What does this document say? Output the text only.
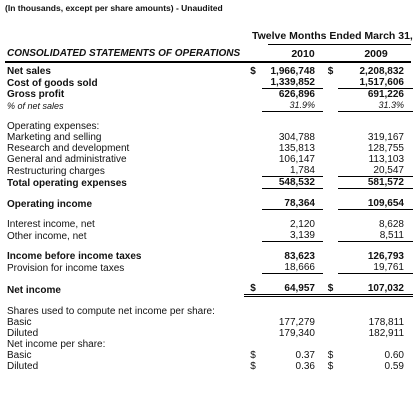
(In thousands, except per share amounts) - Unaudited
Twelve Months Ended March 31,
CONSOLIDATED STATEMENTS OF OPERATIONS	2010	2009
Net sales	$	1,966,748	$	2,208,832
Cost of goods sold		1,339,852		1,517,606
Gross profit		626,896		691,226
% of net sales		31.9%		31.3%

Operating expenses:				
Marketing and selling		304,788		319,167
Research and development		135,813		128,755
General and administrative		106,147		113,103
Restructuring charges		1,784		20,547
Total operating expenses		548,532		581,572

Operating income		78,364		109,654

Interest income, net		2,120		8,628
Other income, net		3,139		8,511

Income before income taxes		83,623		126,793
Provision for income taxes		18,666		19,761

Net income	$	64,957	$	107,032

Shares used to compute net income per share:				
Basic		177,279		178,811
Diluted		179,340		182,911
Net income per share:				
Basic	$	0.37	$	0.60
Diluted	$	0.36	$	0.59
